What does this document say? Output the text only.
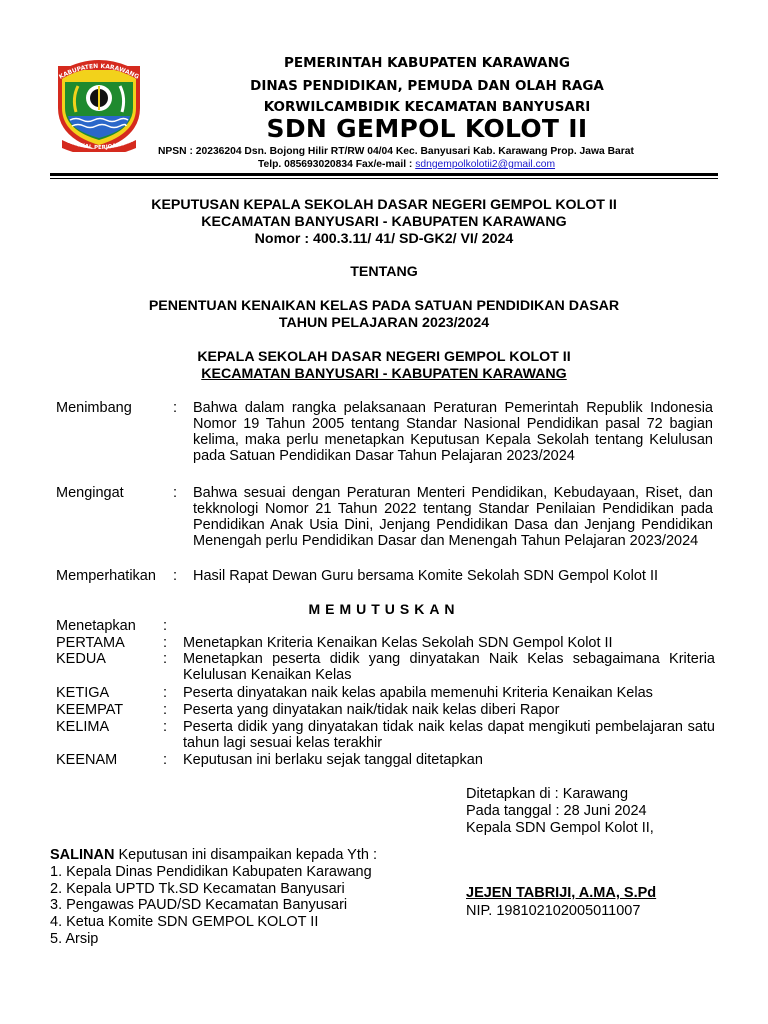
KABUPATEN KARAWANG
ANGKAL PERJOANGAN
PEMERINTAH KABUPATEN KARAWANG
DINAS PENDIDIKAN, PEMUDA DAN OLAH RAGA
KORWILCAMBIDIK KECAMATAN BANYUSARI
SDN GEMPOL KOLOT II
NPSN : 20236204 Dsn. Bojong Hilir RT/RW 04/04 Kec. Banyusari Kab. Karawang Prop. Jawa Barat
Telp. 085693020834 Fax/e-mail : sdngempolkolotii2@gmail.com
KEPUTUSAN KEPALA SEKOLAH DASAR NEGERI GEMPOL KOLOT II
KECAMATAN BANYUSARI - KABUPATEN KARAWANG
Nomor : 400.3.11/ 41/ SD-GK2/ VI/ 2024
TENTANG
PENENTUAN KENAIKAN KELAS PADA SATUAN PENDIDIKAN DASAR
TAHUN PELAJARAN 2023/2024
KEPALA SEKOLAH DASAR NEGERI GEMPOL KOLOT II
KECAMATAN BANYUSARI - KABUPATEN KARAWANG
Menimbang	: Bahwa dalam rangka pelaksanaan Peraturan Pemerintah Republik Indonesia Nomor 19 Tahun 2005 tentang Standar Nasional Pendidikan pasal 72 bagian kelima, maka perlu menetapkan Keputusan Kepala Sekolah tentang Kelulusan pada Satuan Pendidikan Dasar Tahun Pelajaran 2023/2024
Mengingat	: Bahwa sesuai dengan Peraturan Menteri Pendidikan, Kebudayaan, Riset, dan tekknologi Nomor 21 Tahun 2022 tentang Standar Penilaian Pendidikan pada Pendidikan Anak Usia Dini, Jenjang Pendidikan Dasa dan Jenjang Pendidikan Menengah perlu Pendidikan Dasar dan Menengah Tahun Pelajaran 2023/2024
Memperhatikan : Hasil Rapat Dewan Guru bersama Komite Sekolah SDN Gempol Kolot II
MEMUTUSKAN
Menetapkan :
PERTAMA	: Menetapkan Kriteria Kenaikan Kelas Sekolah SDN Gempol Kolot II
KEDUA	: Menetapkan peserta didik yang dinyatakan Naik Kelas sebagaimana Kriteria Kelulusan Kenaikan Kelas
KETIGA	: Peserta dinyatakan naik kelas apabila memenuhi Kriteria Kenaikan Kelas
KEEMPAT	: Peserta yang dinyatakan naik/tidak naik kelas diberi Rapor
KELIMA	: Peserta didik yang dinyatakan tidak naik kelas dapat mengikuti pembelajaran satu tahun lagi sesuai kelas terakhir
KEENAM	: Keputusan ini berlaku sejak tanggal ditetapkan
Ditetapkan di : Karawang
Pada tanggal : 28 Juni 2024
Kepala SDN Gempol Kolot II,
JEJEN TABRIJI, A.MA, S.Pd
NIP. 198102102005011007
SALINAN Keputusan ini disampaikan kepada Yth :
1. Kepala Dinas Pendidikan Kabupaten Karawang
2. Kepala UPTD Tk.SD Kecamatan Banyusari
3. Pengawas PAUD/SD Kecamatan Banyusari
4. Ketua Komite SDN GEMPOL KOLOT II
5. Arsip
